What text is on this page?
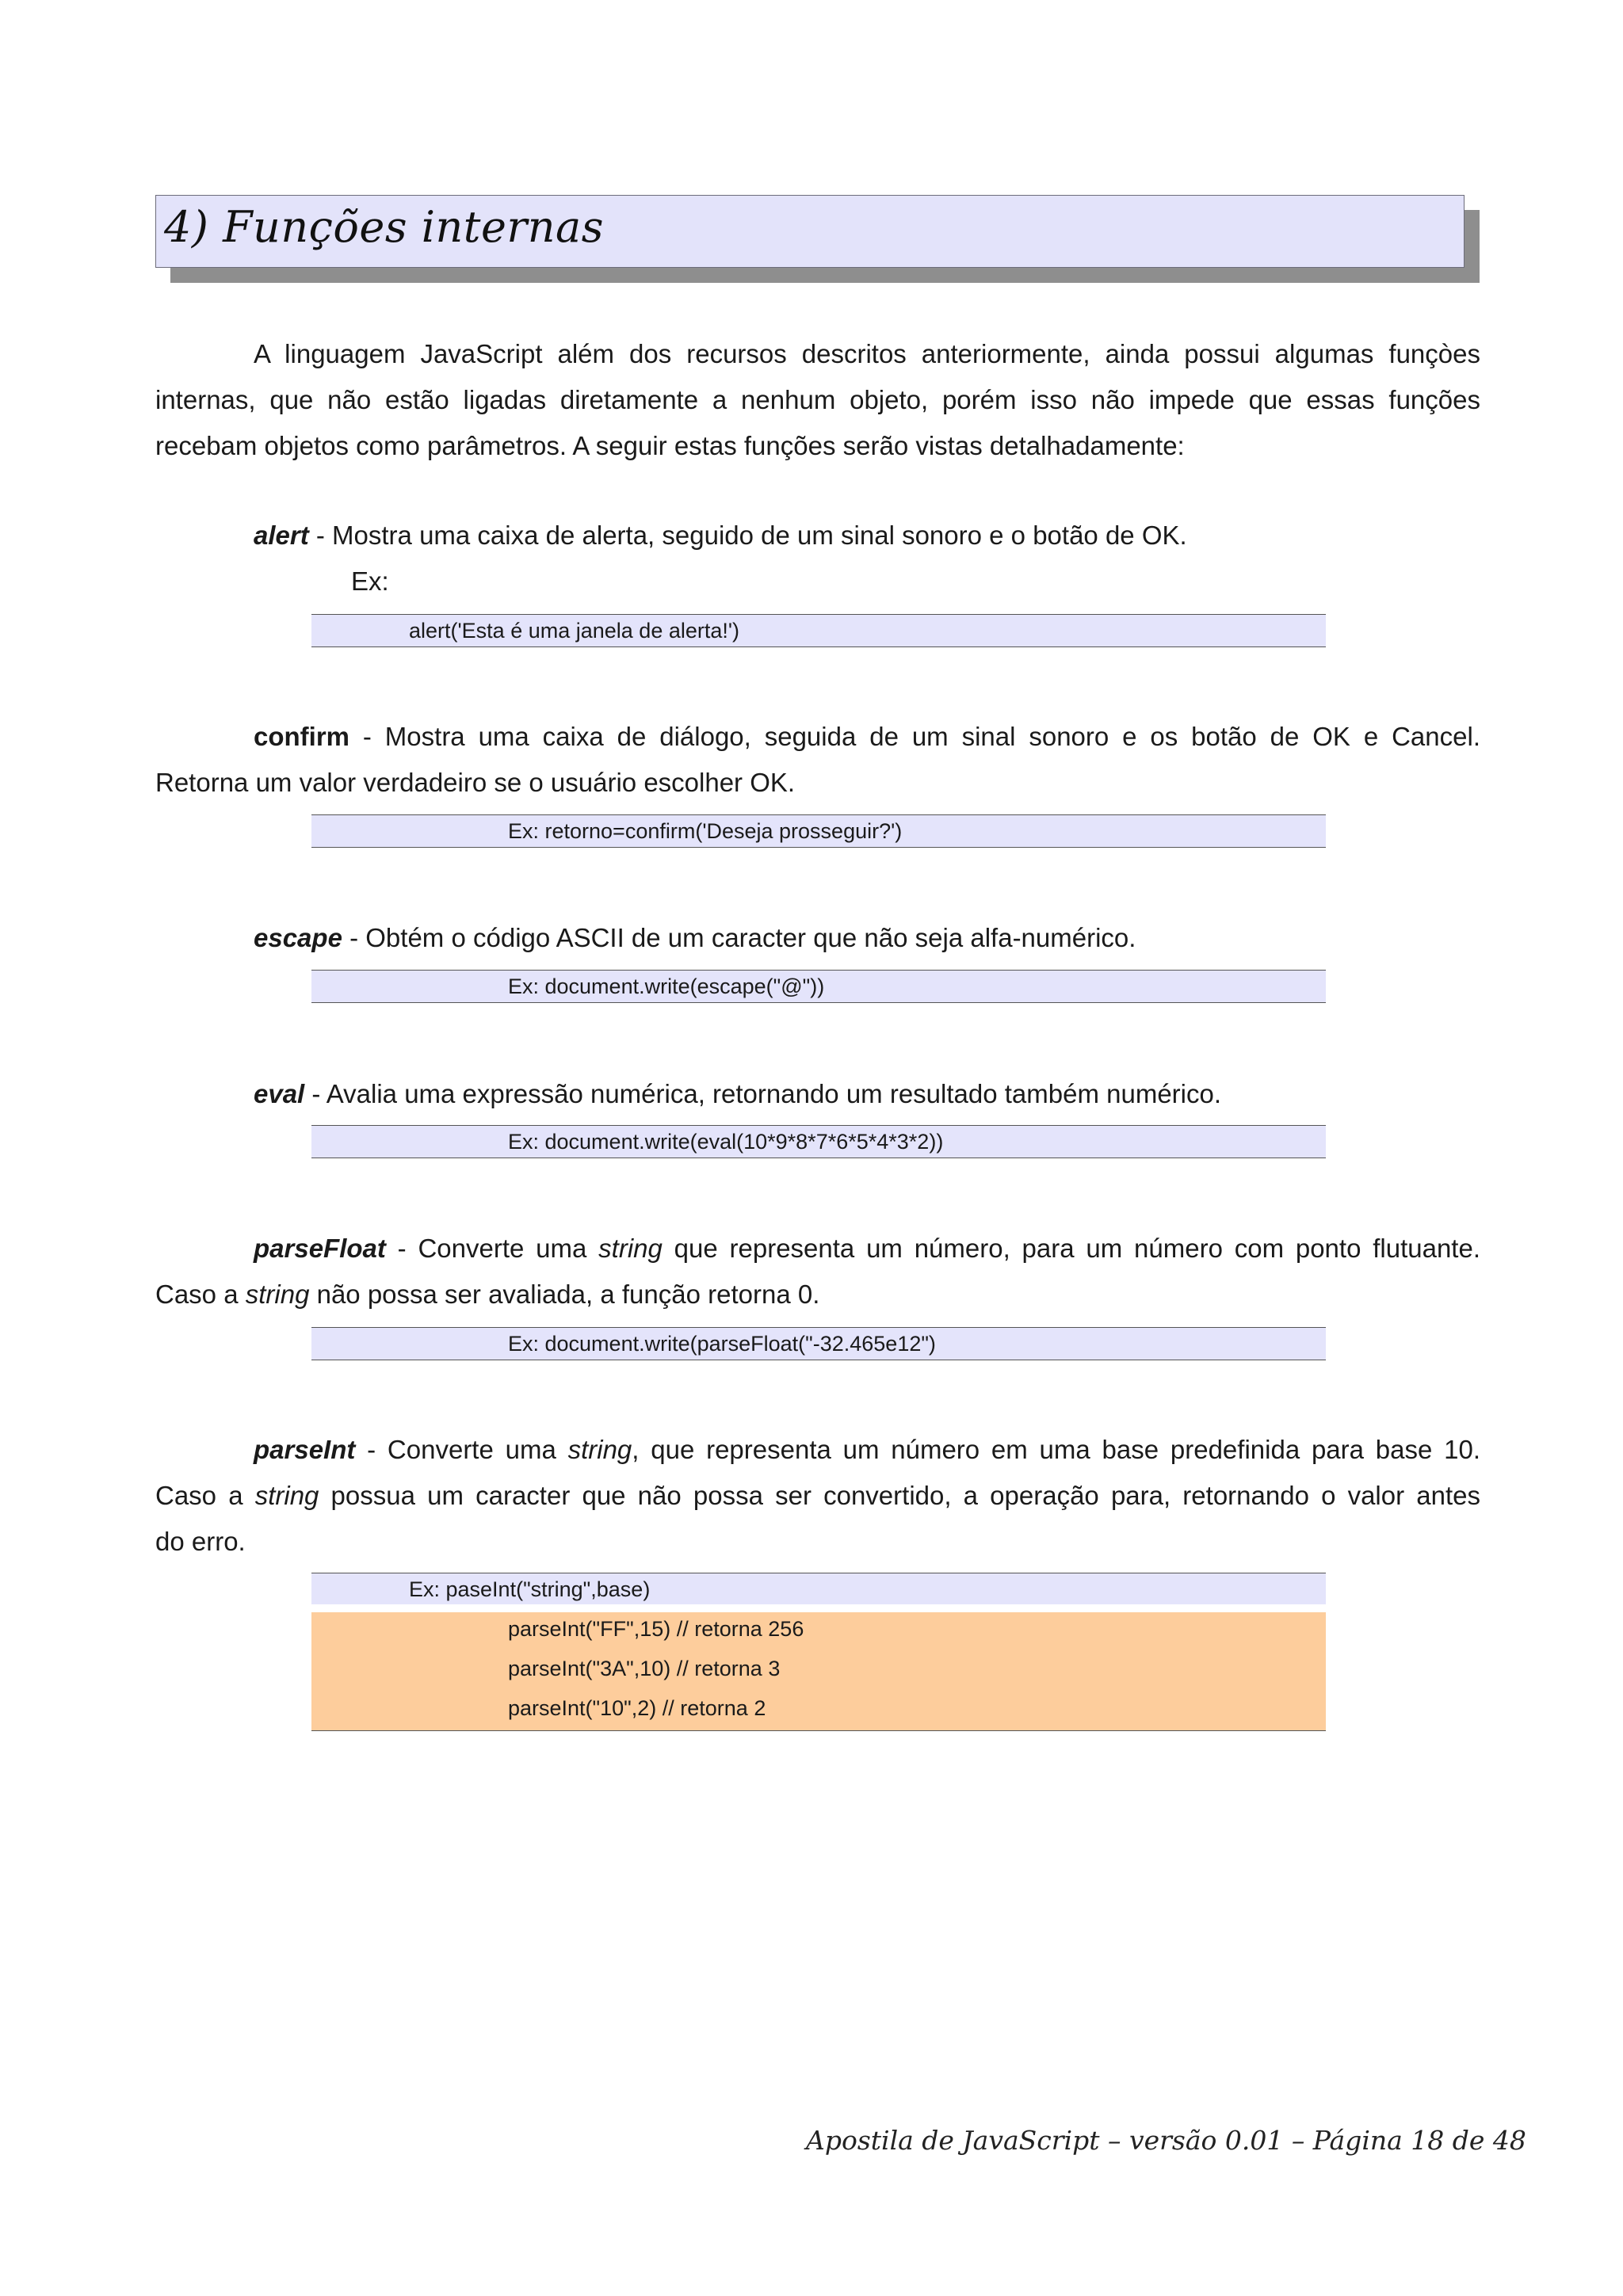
4) Funções internas
A linguagem JavaScript além dos recursos descritos anteriormente, ainda possui algumas funçòes
internas, que não estão ligadas diretamente a nenhum objeto, porém isso não impede que essas funções
recebam objetos como parâmetros. A seguir estas funções serão vistas detalhadamente:
alert - Mostra uma caixa de alerta, seguido de um sinal sonoro e o botão de OK.
Ex:
alert('Esta é uma janela de alerta!')
confirm - Mostra uma caixa de diálogo, seguida de um sinal sonoro e os botão de OK e Cancel.
Retorna um valor verdadeiro se o usuário escolher OK.
Ex: retorno=confirm('Deseja prosseguir?')
escape - Obtém o código ASCII de um caracter que não seja alfa-numérico.
Ex: document.write(escape("@"))
eval - Avalia uma expressão numérica, retornando um resultado também numérico.
Ex: document.write(eval(10*9*8*7*6*5*4*3*2))
parseFloat - Converte uma string que representa um número, para um número com ponto flutuante.
Caso a string não possa ser avaliada, a função retorna 0.
Ex: document.write(parseFloat("-32.465e12")
parseInt - Converte uma string, que representa um número em uma base predefinida para base 10.
Caso a string possua um caracter que não possa ser convertido, a operação para, retornando o valor antes
do erro.
Ex: paseInt("string",base)
parseInt("FF",15) // retorna 256
parseInt("3A",10) // retorna 3
parseInt("10",2) // retorna 2
Apostila de JavaScript – versão 0.01 – Página 18 de 48
